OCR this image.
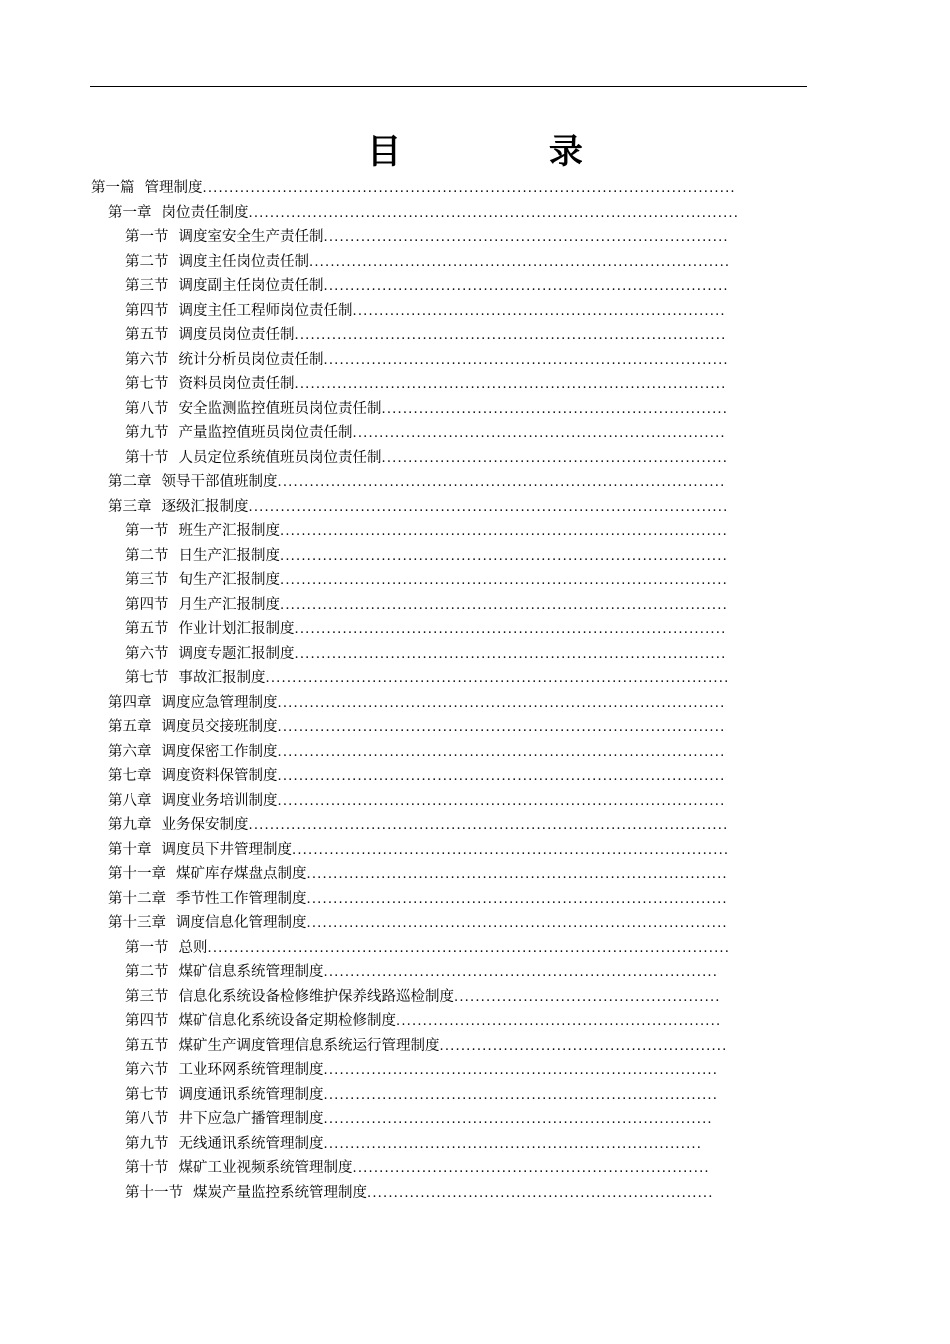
目 录
第一篇 管理制度....................................................................................................
第一章 岗位责任制度............................................................................................
第一节 调度室安全生产责任制............................................................................
第二节 调度主任岗位责任制...............................................................................
第三节 调度副主任岗位责任制............................................................................
第四节 调度主任工程师岗位责任制......................................................................
第五节 调度员岗位责任制.................................................................................
第六节 统计分析员岗位责任制............................................................................
第七节 资料员岗位责任制.................................................................................
第八节 安全监测监控值班员岗位责任制.................................................................
第九节 产量监控值班员岗位责任制......................................................................
第十节 人员定位系统值班员岗位责任制.................................................................
第二章 领导干部值班制度....................................................................................
第三章 逐级汇报制度..........................................................................................
第一节 班生产汇报制度....................................................................................
第二节 日生产汇报制度....................................................................................
第三节 旬生产汇报制度....................................................................................
第四节 月生产汇报制度....................................................................................
第五节 作业计划汇报制度.................................................................................
第六节 调度专题汇报制度.................................................................................
第七节 事故汇报制度.......................................................................................
第四章 调度应急管理制度....................................................................................
第五章 调度员交接班制度....................................................................................
第六章 调度保密工作制度....................................................................................
第七章 调度资料保管制度....................................................................................
第八章 调度业务培训制度....................................................................................
第九章 业务保安制度..........................................................................................
第十章 调度员下井管理制度..................................................................................
第十一章 煤矿库存煤盘点制度...............................................................................
第十二章 季节性工作管理制度...............................................................................
第十三章 调度信息化管理制度...............................................................................
第一节 总则..................................................................................................
第二节 煤矿信息系统管理制度..........................................................................
第三节 信息化系统设备检修维护保养线路巡检制度..................................................
第四节 煤矿信息化系统设备定期检修制度.............................................................
第五节 煤矿生产调度管理信息系统运行管理制度......................................................
第六节 工业环网系统管理制度..........................................................................
第七节 调度通讯系统管理制度..........................................................................
第八节 井下应急广播管理制度.........................................................................
第九节 无线通讯系统管理制度.......................................................................
第十节 煤矿工业视频系统管理制度...................................................................
第十一节 煤炭产量监控系统管理制度.................................................................
